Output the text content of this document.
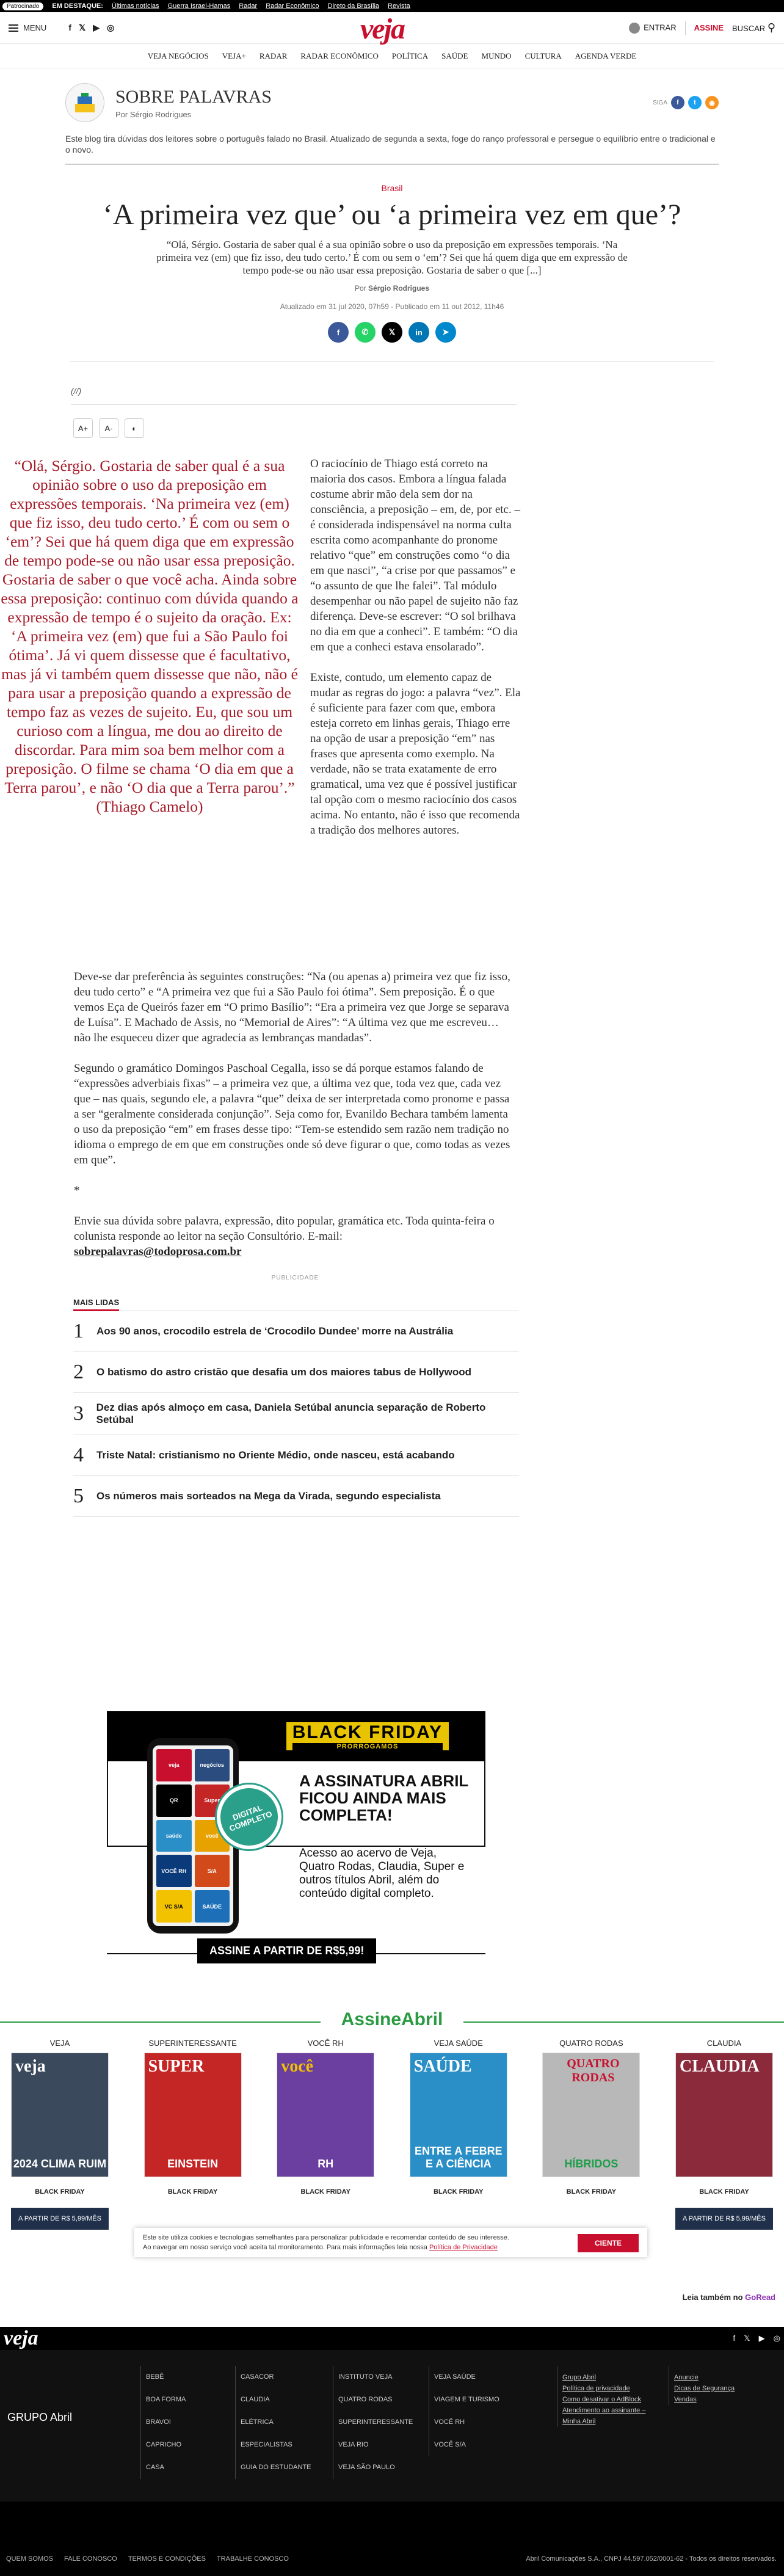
Patrocinado	EM DESTAQUE: Últimas notícias Guerra Israel-Hamas Radar Radar Econômico Direto da Brasília Revista
MENU	f 𝕏 ▶ ◎	veja	ENTRAR ASSINE BUSCAR ⚲
VEJA NEGÓCIOS VEJA+ RADAR RADAR ECONÔMICO POLÍTICA SAÚDE MUNDO CULTURA AGENDA VERDE
SOBRE PALAVRAS
Por Sérgio Rodrigues
SIGA	f	t	◉
Este blog tira dúvidas dos leitores sobre o português falado no Brasil. Atualizado de segunda a sexta, foge do ranço professoral e persegue o equilíbrio entre o tradicional e o novo.
Brasil
‘A primeira vez que’ ou ‘a primeira vez em que’?
“Olá, Sérgio. Gostaria de saber qual é a sua opinião sobre o uso da preposição em expressões temporais. ‘Na primeira vez (em) que fiz isso, deu tudo certo.’ É com ou sem o ‘em’? Sei que há quem diga que em expressão de tempo pode-se ou não usar essa preposição. Gostaria de saber o que [...]
Por Sérgio Rodrigues
Atualizado em 31 jul 2020, 07h59 - Publicado em 11 out 2012, 11h46
f	✆	𝕏	in	➤
(//)
A+	A-	◐
“Olá, Sérgio. Gostaria de saber qual é a sua opinião sobre o uso da preposição em expressões temporais. ‘Na primeira vez (em) que fiz isso, deu tudo certo.’ É com ou sem o ‘em’? Sei que há quem diga que em expressão de tempo pode-se ou não usar essa preposição. Gostaria de saber o que você acha. Ainda sobre essa preposição: continuo com dúvida quando a expressão de tempo é o sujeito da oração. Ex: ‘A primeira vez (em) que fui a São Paulo foi ótima’. Já vi quem dissesse que é facultativo, mas já vi também quem dissesse que não, não é para usar a preposição quando a expressão de tempo faz as vezes de sujeito. Eu, que sou um curioso com a língua, me dou ao direito de discordar. Para mim soa bem melhor com a preposição. O filme se chama ‘O dia em que a Terra parou’, e não ‘O dia que a Terra parou’.” (Thiago Camelo)

O raciocínio de Thiago está correto na maioria dos casos. Embora a língua falada costume abrir mão dela sem dor na consciência, a preposição – em, de, por etc. – é considerada indispensável na norma culta escrita como acompanhante do pronome relativo “que” em construções como “o dia em que nasci”, “a crise por que passamos” e “o assunto de que lhe falei”. Tal módulo desempenhar ou não papel de sujeito não faz diferença. Deve-se escrever: “O sol brilhava no dia em que a conheci”. E também: “O dia em que a conheci estava ensolarado”.

Existe, contudo, um elemento capaz de mudar as regras do jogo: a palavra “vez”. Ela é suficiente para fazer com que, embora esteja correto em linhas gerais, Thiago erre na opção de usar a preposição “em” nas frases que apresenta como exemplo. Na verdade, não se trata exatamente de erro gramatical, uma vez que é possível justificar tal opção com o mesmo raciocínio dos casos acima. No entanto, não é isso que recomenda a tradição dos melhores autores.

Deve-se dar preferência às seguintes construções: “Na (ou apenas a) primeira vez que fiz isso, deu tudo certo” e “A primeira vez que fui a São Paulo foi ótima”. Sem preposição. É o que vemos Eça de Queirós fazer em “O primo Basílio”: “Era a primeira vez que Jorge se separava de Luísa”. E Machado de Assis, no “Memorial de Aires”: “A última vez que me escreveu… não lhe esqueceu dizer que agradecia as lembranças mandadas”.

Segundo o gramático Domingos Paschoal Cegalla, isso se dá porque estamos falando de “expressões adverbiais fixas” – a primeira vez que, a última vez que, toda vez que, cada vez que – nas quais, segundo ele, a palavra “que” deixa de ser interpretada como pronome e passa a ser “geralmente considerada conjunção”. Seja como for, Evanildo Bechara também lamenta o uso da preposição “em” em frases desse tipo: “Tem-se estendido sem razão nem tradição no idioma o emprego de em que em construções onde só deve figurar o que, como todas as vezes em que”.

*

Envie sua dúvida sobre palavra, expressão, dito popular, gramática etc. Toda quinta-feira o colunista responde ao leitor na seção Consultório. E-mail:
sobrepalavras@todoprosa.com.br

PUBLICIDADE
MAIS LIDAS
1 Aos 90 anos, crocodilo estrela de ‘Crocodilo Dundee’ morre na Austrália
2 O batismo do astro cristão que desafia um dos maiores tabus de Hollywood
3 Dez dias após almoço em casa, Daniela Setúbal anuncia separação de Roberto Setúbal
4 Triste Natal: cristianismo no Oriente Médio, onde nasceu, está acabando
5 Os números mais sorteados na Mega da Virada, segundo especialista
BLACK FRIDAY
PRORROGAMOS
veja	negócios
QR	Super
saúde	você
VOCÊ RH	S/A
VC S/A	SAÚDE
DIGITAL COMPLETO
A ASSINATURA ABRIL FICOU AINDA MAIS COMPLETA!
Acesso ao acervo de Veja, Quatro Rodas, Claudia, Super e outros títulos Abril, além do conteúdo digital completo.
ASSINE A PARTIR DE R$5,99!
AssineAbril
VEJA
veja
2024 CLIMA RUIM
BLACK FRIDAY
A PARTIR DE R$ 5,99/MÊS
SUPERINTERESSANTE
SUPER
EINSTEIN
BLACK FRIDAY
VOCÊ RH
você
RH
BLACK FRIDAY
VEJA SAÚDE
SAÚDE
ENTRE A FEBRE E A CIÊNCIA
BLACK FRIDAY
QUATRO RODAS
QUATRO RODAS
HÍBRIDOS
BLACK FRIDAY
CLAUDIA
CLAUDIA
BLACK FRIDAY
A PARTIR DE R$ 5,99/MÊS
Este site utiliza cookies e tecnologias semelhantes para personalizar publicidade e recomendar conteúdo de seu interesse.
Ao navegar em nosso serviço você aceita tal monitoramento. Para mais informações leia nossa Política de Privacidade	CIENTE
Leia também no GoRead
veja	f 𝕏 ▶ ◎
GRUPO Abril
BEBÊ
BOA FORMA
BRAVO!
CAPRICHO
CASA
CASACOR
CLAUDIA
ELÉTRICA
ESPECIALISTAS
GUIA DO ESTUDANTE
INSTITUTO VEJA
QUATRO RODAS
SUPERINTERESSANTE
VEJA RIO
VEJA SÃO PAULO
VEJA SAÚDE
VIAGEM E TURISMO
VOCÊ RH
VOCÊ S/A
Grupo Abril
Política de privacidade
Como desativar o AdBlock
Atendimento ao assinante – Minha Abril
Anuncie
Dicas de Segurança
Vendas
QUEM SOMOS FALE CONOSCO TERMOS E CONDIÇÕES TRABALHE CONOSCO	Abril Comunicações S.A., CNPJ 44.597.052/0001-62 - Todos os direitos reservados.
